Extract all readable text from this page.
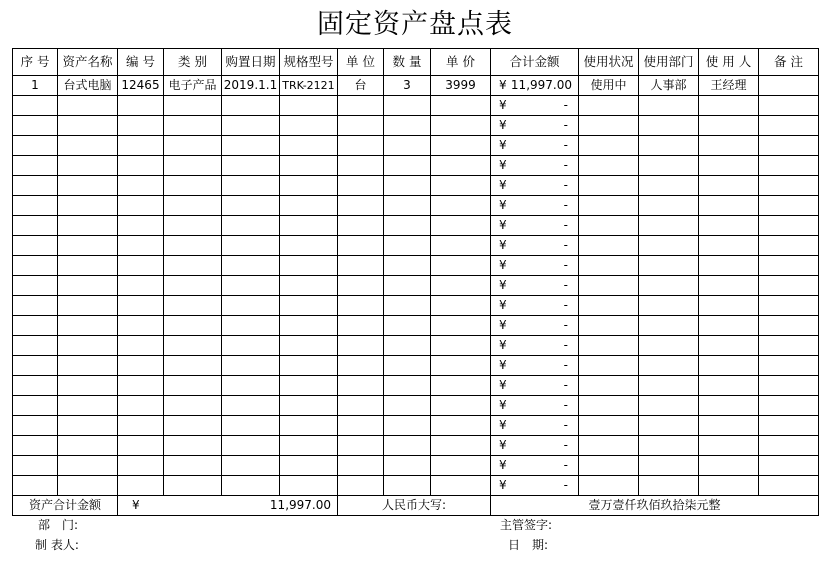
固定资产盘点表
序 号	资产名称	编 号	类 别	购置日期	规格型号	单 位	数 量	单 价	合计金额	使用状况	使用部门	使 用 人	备 注
1	台式电脑	12465	电子产品	2019.1.1	TRK-2121	台	3	3999	¥ 11,997.00	使用中	人事部	王经理	

									¥ -				

									¥ -				

									¥ -				

									¥ -				

									¥ -				

									¥ -				

									¥ -				

									¥ -				

									¥ -				

									¥ -				

									¥ -				

									¥ -				

									¥ -				

									¥ -				

									¥ -				

									¥ -				

									¥ -				

									¥ -				

									¥ -				

									¥ -				

资产合计金额		¥ 11,997.00				人民币大写:			壹万壹仟玖佰玖拾柒元整				
部　门:
制 表人:
主管签字:
日　期:
